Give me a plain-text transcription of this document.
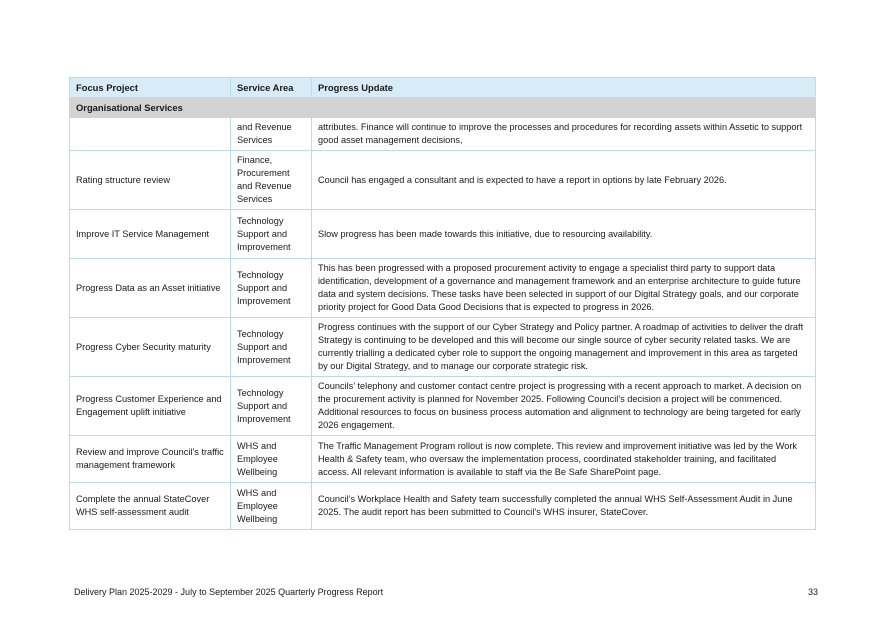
Focus Project	Service Area	Progress Update
Organisational Services		
	and Revenue Services	attributes. Finance will continue to improve the processes and procedures for recording assets within Assetic to support good asset management decisions,
Rating structure review	Finance, Procurement and Revenue Services	Council has engaged a consultant and is expected to have a report in options by late February 2026.
Improve IT Service Management	Technology Support and Improvement	Slow progress has been made towards this initiative, due to resourcing availability.
Progress Data as an Asset initiative	Technology Support and Improvement	This has been progressed with a proposed procurement activity to engage a specialist third party to support data identification, development of a governance and management framework and an enterprise architecture to guide future data and system decisions. These tasks have been selected in support of our Digital Strategy goals, and our corporate priority project for Good Data Good Decisions that is expected to progress in 2026.
Progress Cyber Security maturity	Technology Support and Improvement	Progress continues with the support of our Cyber Strategy and Policy partner. A roadmap of activities to deliver the draft Strategy is continuing to be developed and this will become our single source of cyber security related tasks. We are currently trialling a dedicated cyber role to support the ongoing management and improvement in this area as targeted by our Digital Strategy, and to manage our corporate strategic risk.
Progress Customer Experience and Engagement uplift initiative	Technology Support and Improvement	Councils’ telephony and customer contact centre project is progressing with a recent approach to market. A decision on the procurement activity is planned for November 2025. Following Council’s decision a project will be commenced. Additional resources to focus on business process automation and alignment to technology are being targeted for early 2026 engagement.
Review and improve Council’s traffic management framework	WHS and Employee Wellbeing	The Traffic Management Program rollout is now complete. This review and improvement initiative was led by the Work Health & Safety team, who oversaw the implementation process, coordinated stakeholder training, and facilitated access. All relevant information is available to staff via the Be Safe SharePoint page.
Complete the annual StateCover WHS self-assessment audit	WHS and Employee Wellbeing	Council’s Workplace Health and Safety team successfully completed the annual WHS Self-Assessment Audit in June 2025. The audit report has been submitted to Council’s WHS insurer, StateCover.
Delivery Plan 2025-2029 - July to September 2025 Quarterly Progress Report	33
